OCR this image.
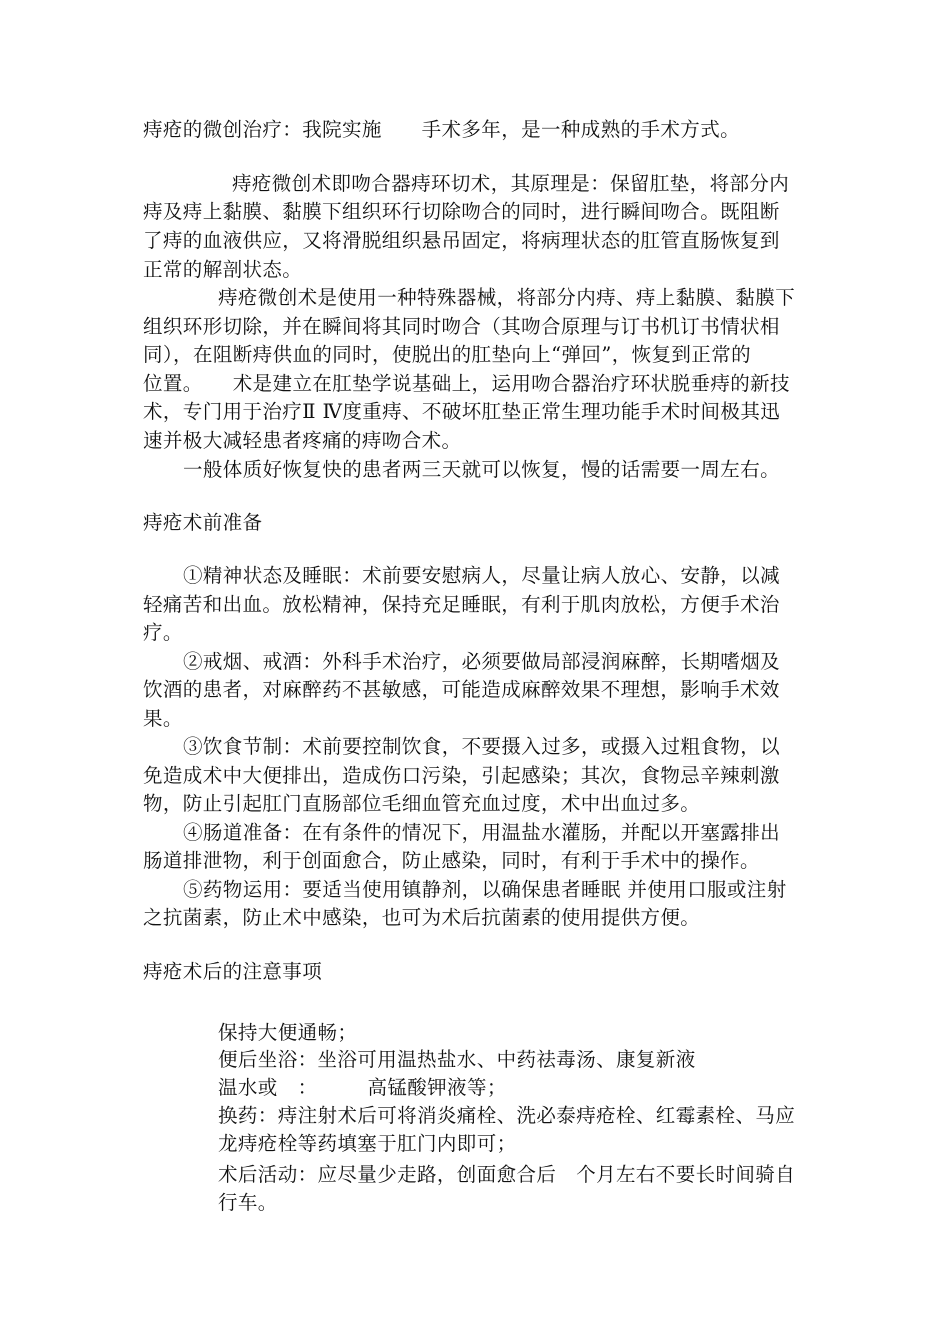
痔疮的微创治疗：我院实施　　手术多年，是一种成熟的手术方式。
痔疮微创术即吻合器痔环切术，其原理是：保留肛垫，将部分内
痔及痔上黏膜、黏膜下组织环行切除吻合的同时，进行瞬间吻合。既阻断
了痔的血液供应，又将滑脱组织悬吊固定，将病理状态的肛管直肠恢复到
正常的解剖状态。
痔疮微创术是使用一种特殊器械，将部分内痔、痔上黏膜、黏膜下
组织环形切除，并在瞬间将其同时吻合（其吻合原理与订书机订书情状相
同），在阻断痔供血的同时，使脱出的肛垫向上“弹回”，恢复到正常的
位置。　　术是建立在肛垫学说基础上，运用吻合器治疗环状脱垂痔的新技
术，专门用于治疗Ⅱ Ⅳ度重痔、不破坏肛垫正常生理功能手术时间极其迅
速并极大减轻患者疼痛的痔吻合术。
一般体质好恢复快的患者两三天就可以恢复，慢的话需要一周左右。
痔疮术前准备
①精神状态及睡眠：术前要安慰病人，尽量让病人放心、安静，以减
轻痛苦和出血。放松精神，保持充足睡眠，有利于肌肉放松，方便手术治
疗。
②戒烟、戒酒：外科手术治疗，必须要做局部浸润麻醉，长期嗜烟及
饮酒的患者，对麻醉药不甚敏感，可能造成麻醉效果不理想，影响手术效
果。
③饮食节制：术前要控制饮食，不要摄入过多，或摄入过粗食物，以
免造成术中大便排出，造成伤口污染，引起感染；其次，食物忌辛辣刺激
物，防止引起肛门直肠部位毛细血管充血过度，术中出血过多。
④肠道准备：在有条件的情况下，用温盐水灌肠，并配以开塞露排出
肠道排泄物，利于创面愈合，防止感染，同时，有利于手术中的操作。
⑤药物运用：要适当使用镇静剂，以确保患者睡眠 并使用口服或注射
之抗菌素，防止术中感染，也可为术后抗菌素的使用提供方便。
痔疮术后的注意事项
保持大便通畅；
便后坐浴：坐浴可用温热盐水、中药祛毒汤、康复新液
温水或　：　　　高锰酸钾液等；
换药：痔注射术后可将消炎痛栓、洗必泰痔疮栓、红霉素栓、马应
龙痔疮栓等药填塞于肛门内即可；
术后活动：应尽量少走路，创面愈合后　个月左右不要长时间骑自
行车。
